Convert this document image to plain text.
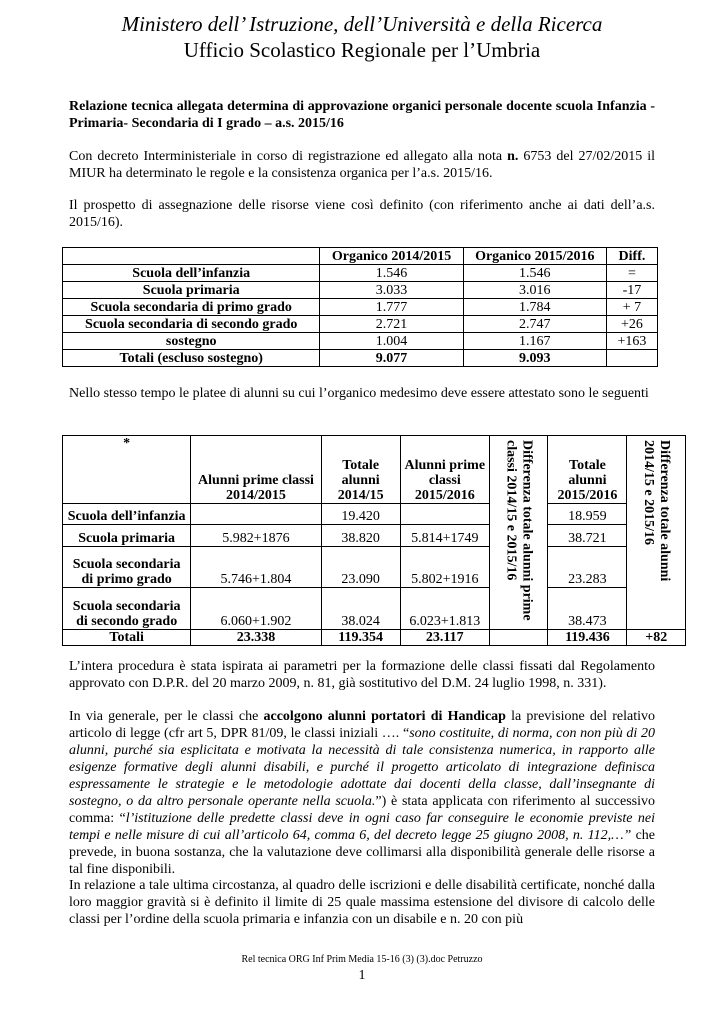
Ministero dell’ Istruzione, dell’Università e della Ricerca
Ufficio Scolastico Regionale per l’Umbria
Relazione tecnica allegata determina di approvazione organici personale docente scuola Infanzia -Primaria- Secondaria di I grado – a.s. 2015/16
Con decreto Interministeriale in corso di registrazione ed allegato alla nota n. 6753 del 27/02/2015 il MIUR ha determinato le regole e la consistenza organica per l’a.s. 2015/16.
Il prospetto di assegnazione delle risorse viene così definito (con riferimento anche ai dati dell’a.s. 2015/16).
	Organico 2014/2015	Organico 2015/2016	Diff.
Scuola dell’infanzia	1.546	1.546	=
Scuola primaria	3.033	3.016	-17
Scuola secondaria di primo grado	1.777	1.784	+ 7
Scuola secondaria di secondo grado	2.721	2.747	+26
sostegno	1.004	1.167	+163
Totali (escluso sostegno)	9.077	9.093	
Nello stesso tempo le platee di alunni su cui l’organico medesimo deve essere attestato sono le seguenti
*	Alunni prime classi 2014/2015	Totale alunni 2014/15	Alunni prime classi 2015/2016	Differenza totale alunni prime classi 2014/15 e 2015/16	Totale alunni 2015/2016	Differenza totale alunni 2014/15 e 2015/16

Scuola dell’infanzia		19.420			18.959	
Scuola primaria	5.982+1876	38.820	5.814+1749		38.721	
Scuola secondaria di primo grado	5.746+1.804	23.090	5.802+1916		23.283	
Scuola secondaria di secondo grado	6.060+1.902	38.024	6.023+1.813		38.473	
Totali	23.338	119.354	23.117		119.436	+82
L’intera procedura è stata ispirata ai parametri per la formazione delle classi fissati dal Regolamento approvato con D.P.R. del 20 marzo 2009, n. 81, già sostitutivo del D.M. 24 luglio 1998, n. 331).
In via generale, per le classi che accolgono alunni portatori di Handicap la previsione del relativo articolo di legge (cfr art 5, DPR 81/09, le classi iniziali …. “sono costituite, di norma, con non più di 20 alunni, purché sia esplicitata e motivata la necessità di tale consistenza numerica, in rapporto alle esigenze formative degli alunni disabili, e purché il progetto articolato di integrazione definisca espressamente le strategie e le metodologie adottate dai docenti della classe, dall’insegnante di sostegno, o da altro personale operante nella scuola.”) è stata applicata con riferimento al successivo comma: “l’istituzione delle predette classi deve in ogni caso far conseguire le economie previste nei tempi e nelle misure di cui all’articolo 64, comma 6, del decreto legge 25 giugno 2008, n. 112,…” che prevede, in buona sostanza, che la valutazione deve collimarsi alla disponibilità generale delle risorse a tal fine disponibili.
In relazione a tale ultima circostanza, al quadro delle iscrizioni e delle disabilità certificate, nonché dalla loro maggior gravità si è definito il limite di 25 quale massima estensione del divisore di calcolo delle classi per l’ordine della scuola primaria e infanzia con un disabile e n. 20 con più
Rel tecnica ORG Inf Prim Media 15-16 (3) (3).doc Petruzzo
1
